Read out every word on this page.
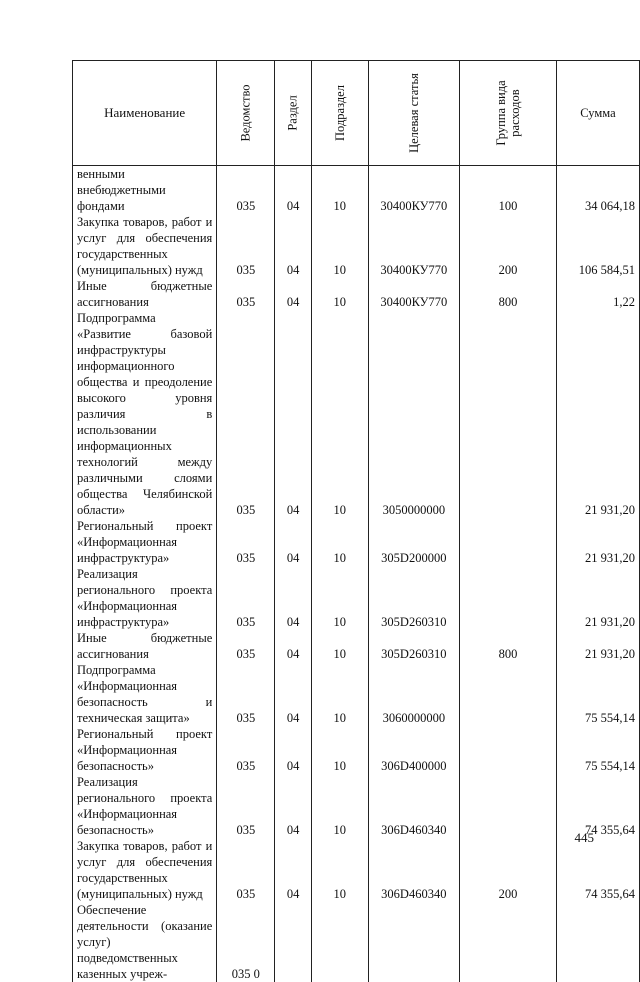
Наименование	Ведомство	Раздел	Подраздел	Целевая статья	Группа вида расходов	Сумма
венными внебюджетными фондами	035	04	10	30400КУ770	100	34 064,18
Закупка товаров, работ и услуг для обеспечения государственных (муниципальных) нужд	035	04	10	30400КУ770	200	106 584,51
Иные бюджетные ассигнования	035	04	10	30400КУ770	800	1,22
Подпрограмма «Развитие базовой инфраструктуры информационного общества и преодоление высокого уровня различия в использовании информационных технологий между различными слоями общества Челябинской области»	035	04	10	3050000000		21 931,20
Региональный проект «Информационная инфраструктура»	035	04	10	305D200000		21 931,20
Реализация регионального проекта «Информационная инфраструктура»	035	04	10	305D260310		21 931,20
Иные бюджетные ассигнования	035	04	10	305D260310	800	21 931,20
Подпрограмма «Информационная безопасность и техническая защита»	035	04	10	3060000000		75 554,14
Региональный проект «Информационная безопасность»	035	04	10	306D400000		75 554,14
Реализация регионального проекта «Информационная безопасность»	035	04	10	306D460340		74 355,64
Закупка товаров, работ и услуг для обеспечения государственных (муниципальных) нужд	035	04	10	306D460340	200	74 355,64
Обеспечение деятельности (оказание услуг) подведомственных казенных учреж-	035 0					
445
